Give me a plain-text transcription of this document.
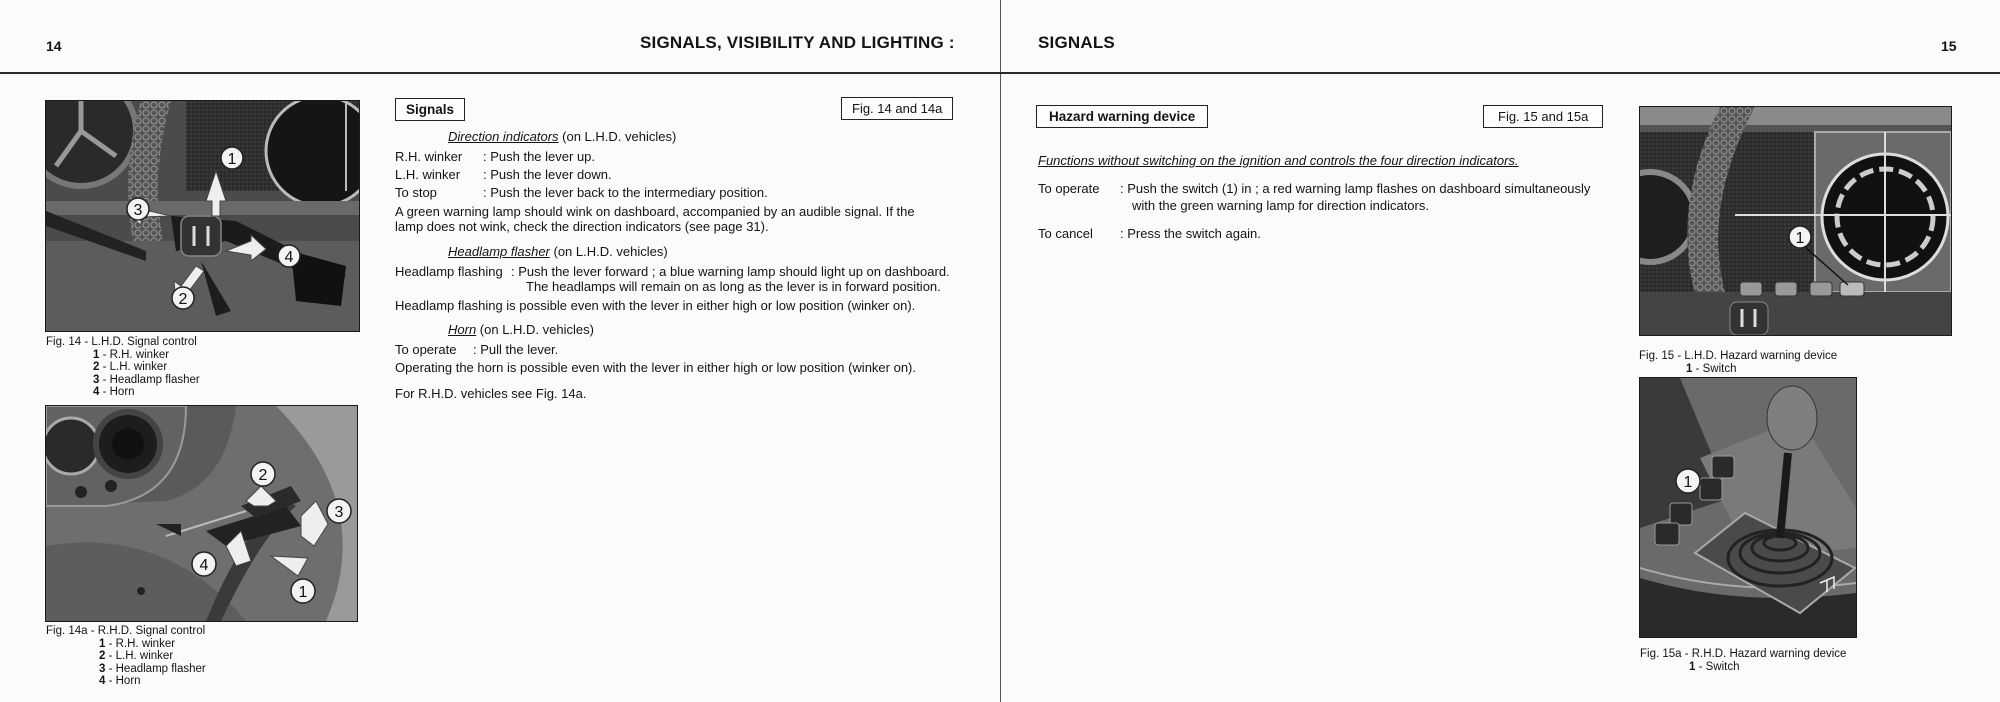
14	SIGNALS, VISIBILITY AND LIGHTING :
1
2
3
4
Fig. 14 - L.H.D. Signal control
1 - R.H. winker
2 - L.H. winker
3 - Headlamp flasher
4 - Horn
1
2
3
4
Fig. 14a - R.H.D. Signal control
1 - R.H. winker
2 - L.H. winker
3 - Headlamp flasher
4 - Horn
Signals	Fig. 14 and 14a
Direction indicators (on L.H.D. vehicles)
R.H. winker : Push the lever up.
L.H. winker : Push the lever down.
To stop	: Push the lever back to the intermediary position.
A green warning lamp should wink on dashboard, accompanied by an audible signal. If the
lamp does not wink, check the direction indicators (see page 31).
Headlamp flasher (on L.H.D. vehicles)
Headlamp flashing : Push the lever forward ; a blue warning lamp should light up on dashboard.
The headlamps will remain on as long as the lever is in forward position.
Headlamp flashing is possible even with the lever in either high or low position (winker on).
Horn (on L.H.D. vehicles)
To operate : Pull the lever.
Operating the horn is possible even with the lever in either high or low position (winker on).
For R.H.D. vehicles see Fig. 14a.
SIGNALS	15
Hazard warning device	Fig. 15 and 15a
Functions without switching on the ignition and controls the four direction indicators.
To operate : Push the switch (1) in ; a red warning lamp flashes on dashboard simultaneously
with the green warning lamp for direction indicators.
To cancel : Press the switch again.	1
Fig. 15 - L.H.D. Hazard warning device
1 - Switch
1
Fig. 15a - R.H.D. Hazard warning device
1 - Switch
